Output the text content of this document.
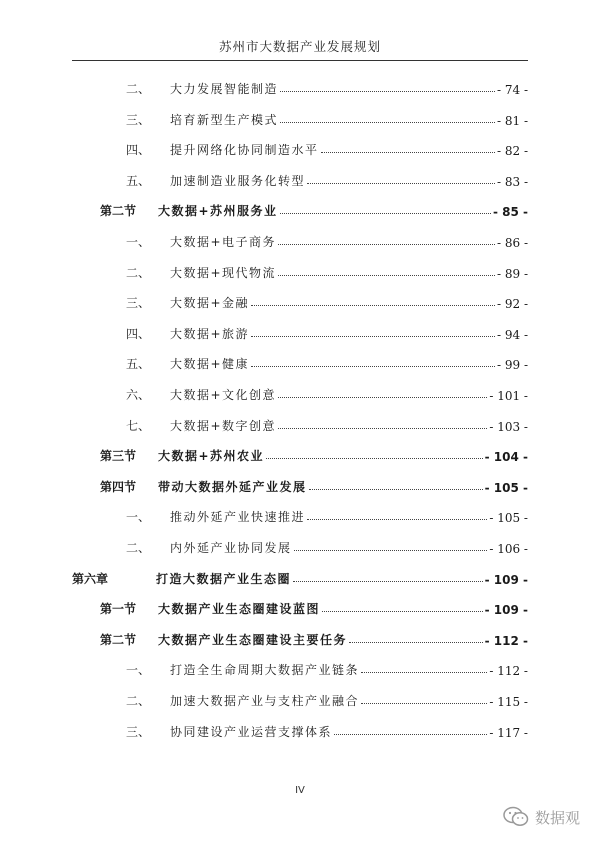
苏州市大数据产业发展规划
二、	大力发展智能制造	- 74 -
三、	培育新型生产模式	- 81 -
四、	提升网络化协同制造水平	- 82 -
五、	加速制造业服务化转型	- 83 -
第二节	大数据+苏州服务业	- 85 -
一、	大数据+电子商务	- 86 -
二、	大数据+现代物流	- 89 -
三、	大数据+金融	- 92 -
四、	大数据+旅游	- 94 -
五、	大数据+健康	- 99 -
六、	大数据+文化创意	- 101 -
七、	大数据+数字创意	- 103 -
第三节	大数据+苏州农业	- 104 -
第四节	带动大数据外延产业发展	- 105 -
一、	推动外延产业快速推进	- 105 -
二、	内外延产业协同发展	- 106 -
第六章	打造大数据产业生态圈	- 109 -
第一节	大数据产业生态圈建设蓝图	- 109 -
第二节	大数据产业生态圈建设主要任务	- 112 -
一、	打造全生命周期大数据产业链条	- 112 -
二、	加速大数据产业与支柱产业融合	- 115 -
三、	协同建设产业运营支撑体系	- 117 -
IV
数据观
